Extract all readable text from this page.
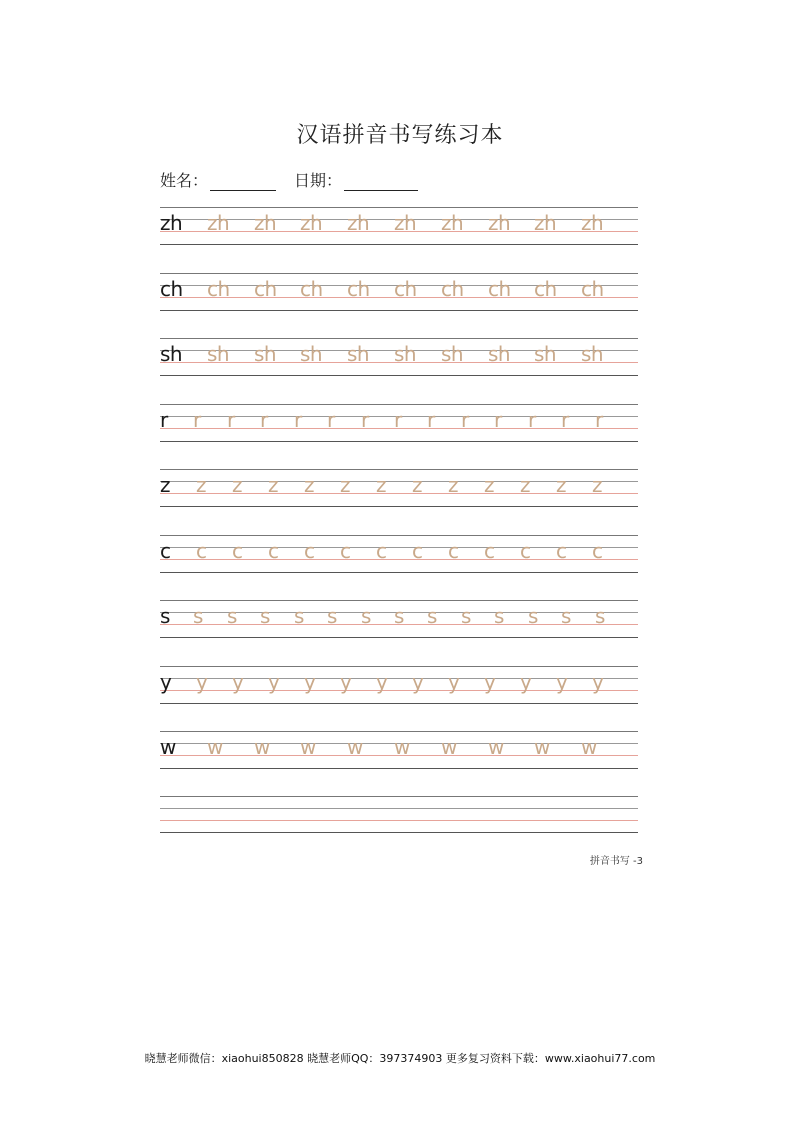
汉语拼音书写练习本
姓名：	日期：
zh zh zh zh zh zh zh zh zh zh
ch ch ch ch ch ch ch ch ch ch
sh sh sh sh sh sh sh sh sh sh
r r r r r r r r r r r r r r
z z z z z z z z z z z z z
c c c c c c c c c c c c c
s s s s s s s s s s s s s s
y y y y y y y y y y y y y
w w w w w w w w w w
拼音书写 -3
晓慧老师微信：xiaohui850828 晓慧老师QQ：397374903 更多复习资料下载：www.xiaohui77.com
